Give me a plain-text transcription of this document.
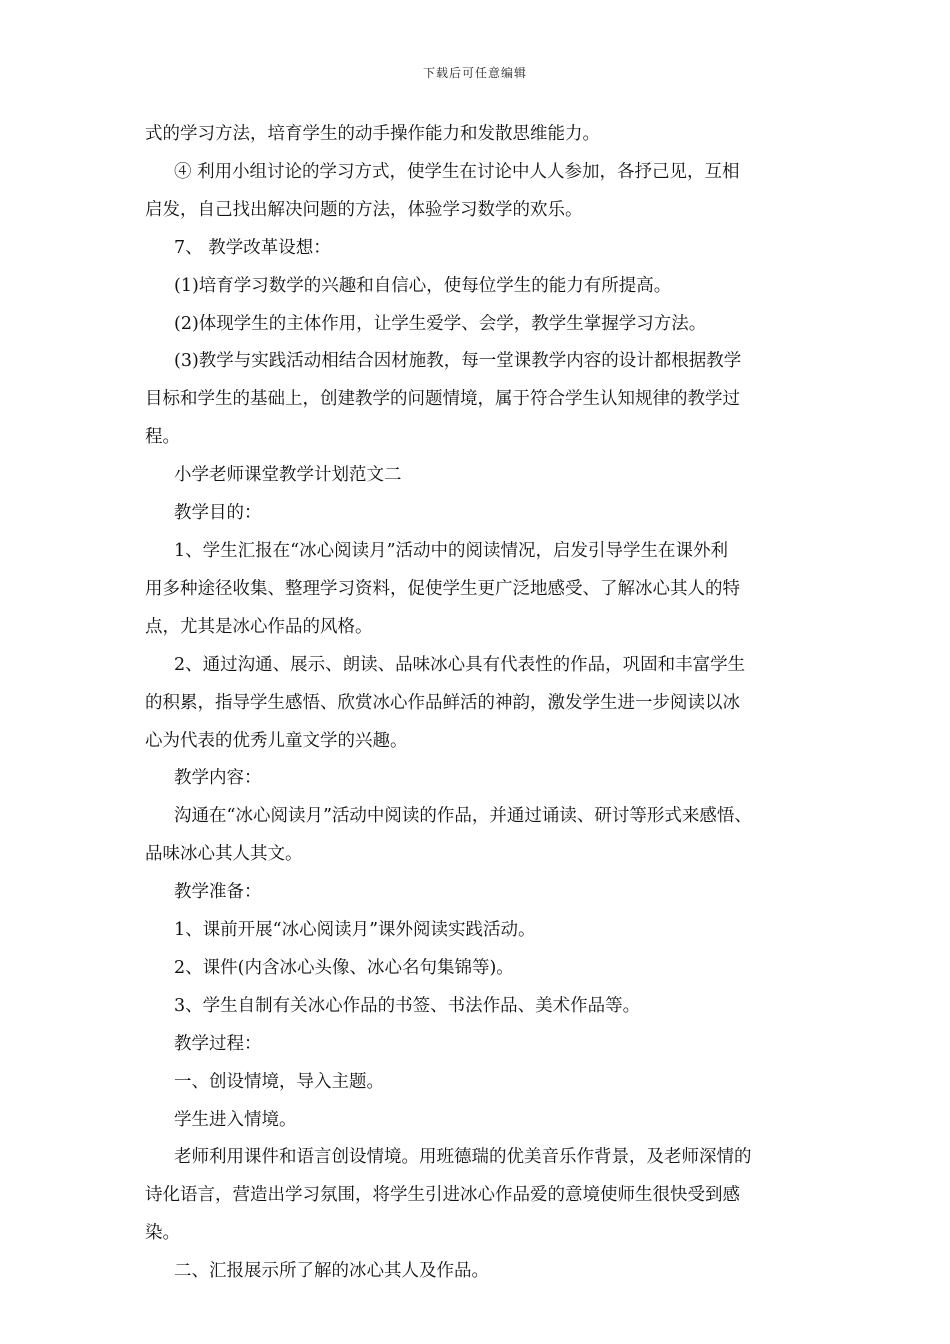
下载后可任意编辑

式的学习方法，培育学生的动手操作能力和发散思维能力。

④ 利用小组讨论的学习方式，使学生在讨论中人人参加，各抒己见，互相

启发，自己找出解决问题的方法，体验学习数学的欢乐。

7、 教学改革设想：

(1)培育学习数学的兴趣和自信心，使每位学生的能力有所提高。

(2)体现学生的主体作用，让学生爱学、会学，教学生掌握学习方法。

(3)教学与实践活动相结合因材施教，每一堂课教学内容的设计都根据教学

目标和学生的基础上，创建教学的问题情境，属于符合学生认知规律的教学过

程。

小学老师课堂教学计划范文二

教学目的：

1、学生汇报在“冰心阅读月”活动中的阅读情况，启发引导学生在课外利

用多种途径收集、整理学习资料，促使学生更广泛地感受、了解冰心其人的特

点，尤其是冰心作品的风格。

2、通过沟通、展示、朗读、品味冰心具有代表性的作品，巩固和丰富学生

的积累，指导学生感悟、欣赏冰心作品鲜活的神韵，激发学生进一步阅读以冰

心为代表的优秀儿童文学的兴趣。

教学内容：

沟通在“冰心阅读月”活动中阅读的作品，并通过诵读、研讨等形式来感悟、

品味冰心其人其文。

教学准备：

1、课前开展“冰心阅读月”课外阅读实践活动。

2、课件(内含冰心头像、冰心名句集锦等)。

3、学生自制有关冰心作品的书签、书法作品、美术作品等。

教学过程：

一、创设情境，导入主题。

学生进入情境。

老师利用课件和语言创设情境。用班德瑞的优美音乐作背景，及老师深情的

诗化语言，营造出学习氛围，将学生引进冰心作品爱的意境使师生很快受到感

染。

二、汇报展示所了解的冰心其人及作品。
